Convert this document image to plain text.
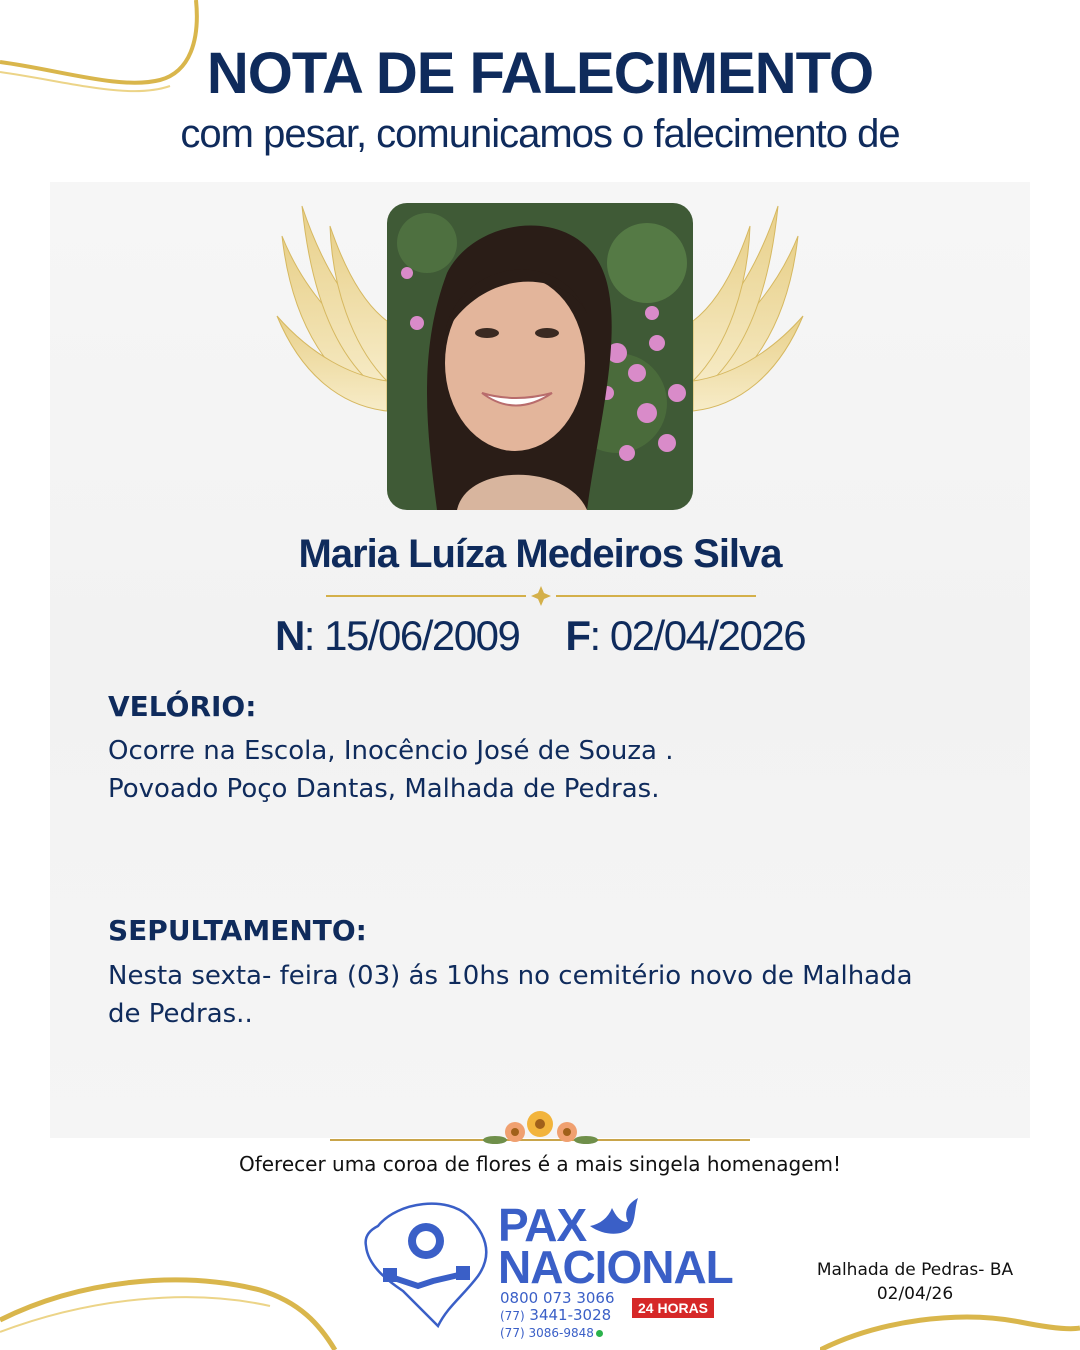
NOTA DE FALECIMENTO
com pesar, comunicamos o falecimento de
Maria Luíza Medeiros Silva
N: 15/06/2009 F: 02/04/2026
VELÓRIO:
Ocorre na Escola, Inocêncio José de Souza .
Povoado Poço Dantas, Malhada de Pedras.
SEPULTAMENTO:
Nesta sexta- feira (03) ás 10hs no cemitério novo de Malhada
de Pedras..
Oferecer uma coroa de flores é a mais singela homenagem!
PAX
NACIONAL
0800 073 3066
(77) 3441-3028
(77) 3086-9848
24 HORAS
Malhada de Pedras- BA
02/04/26
